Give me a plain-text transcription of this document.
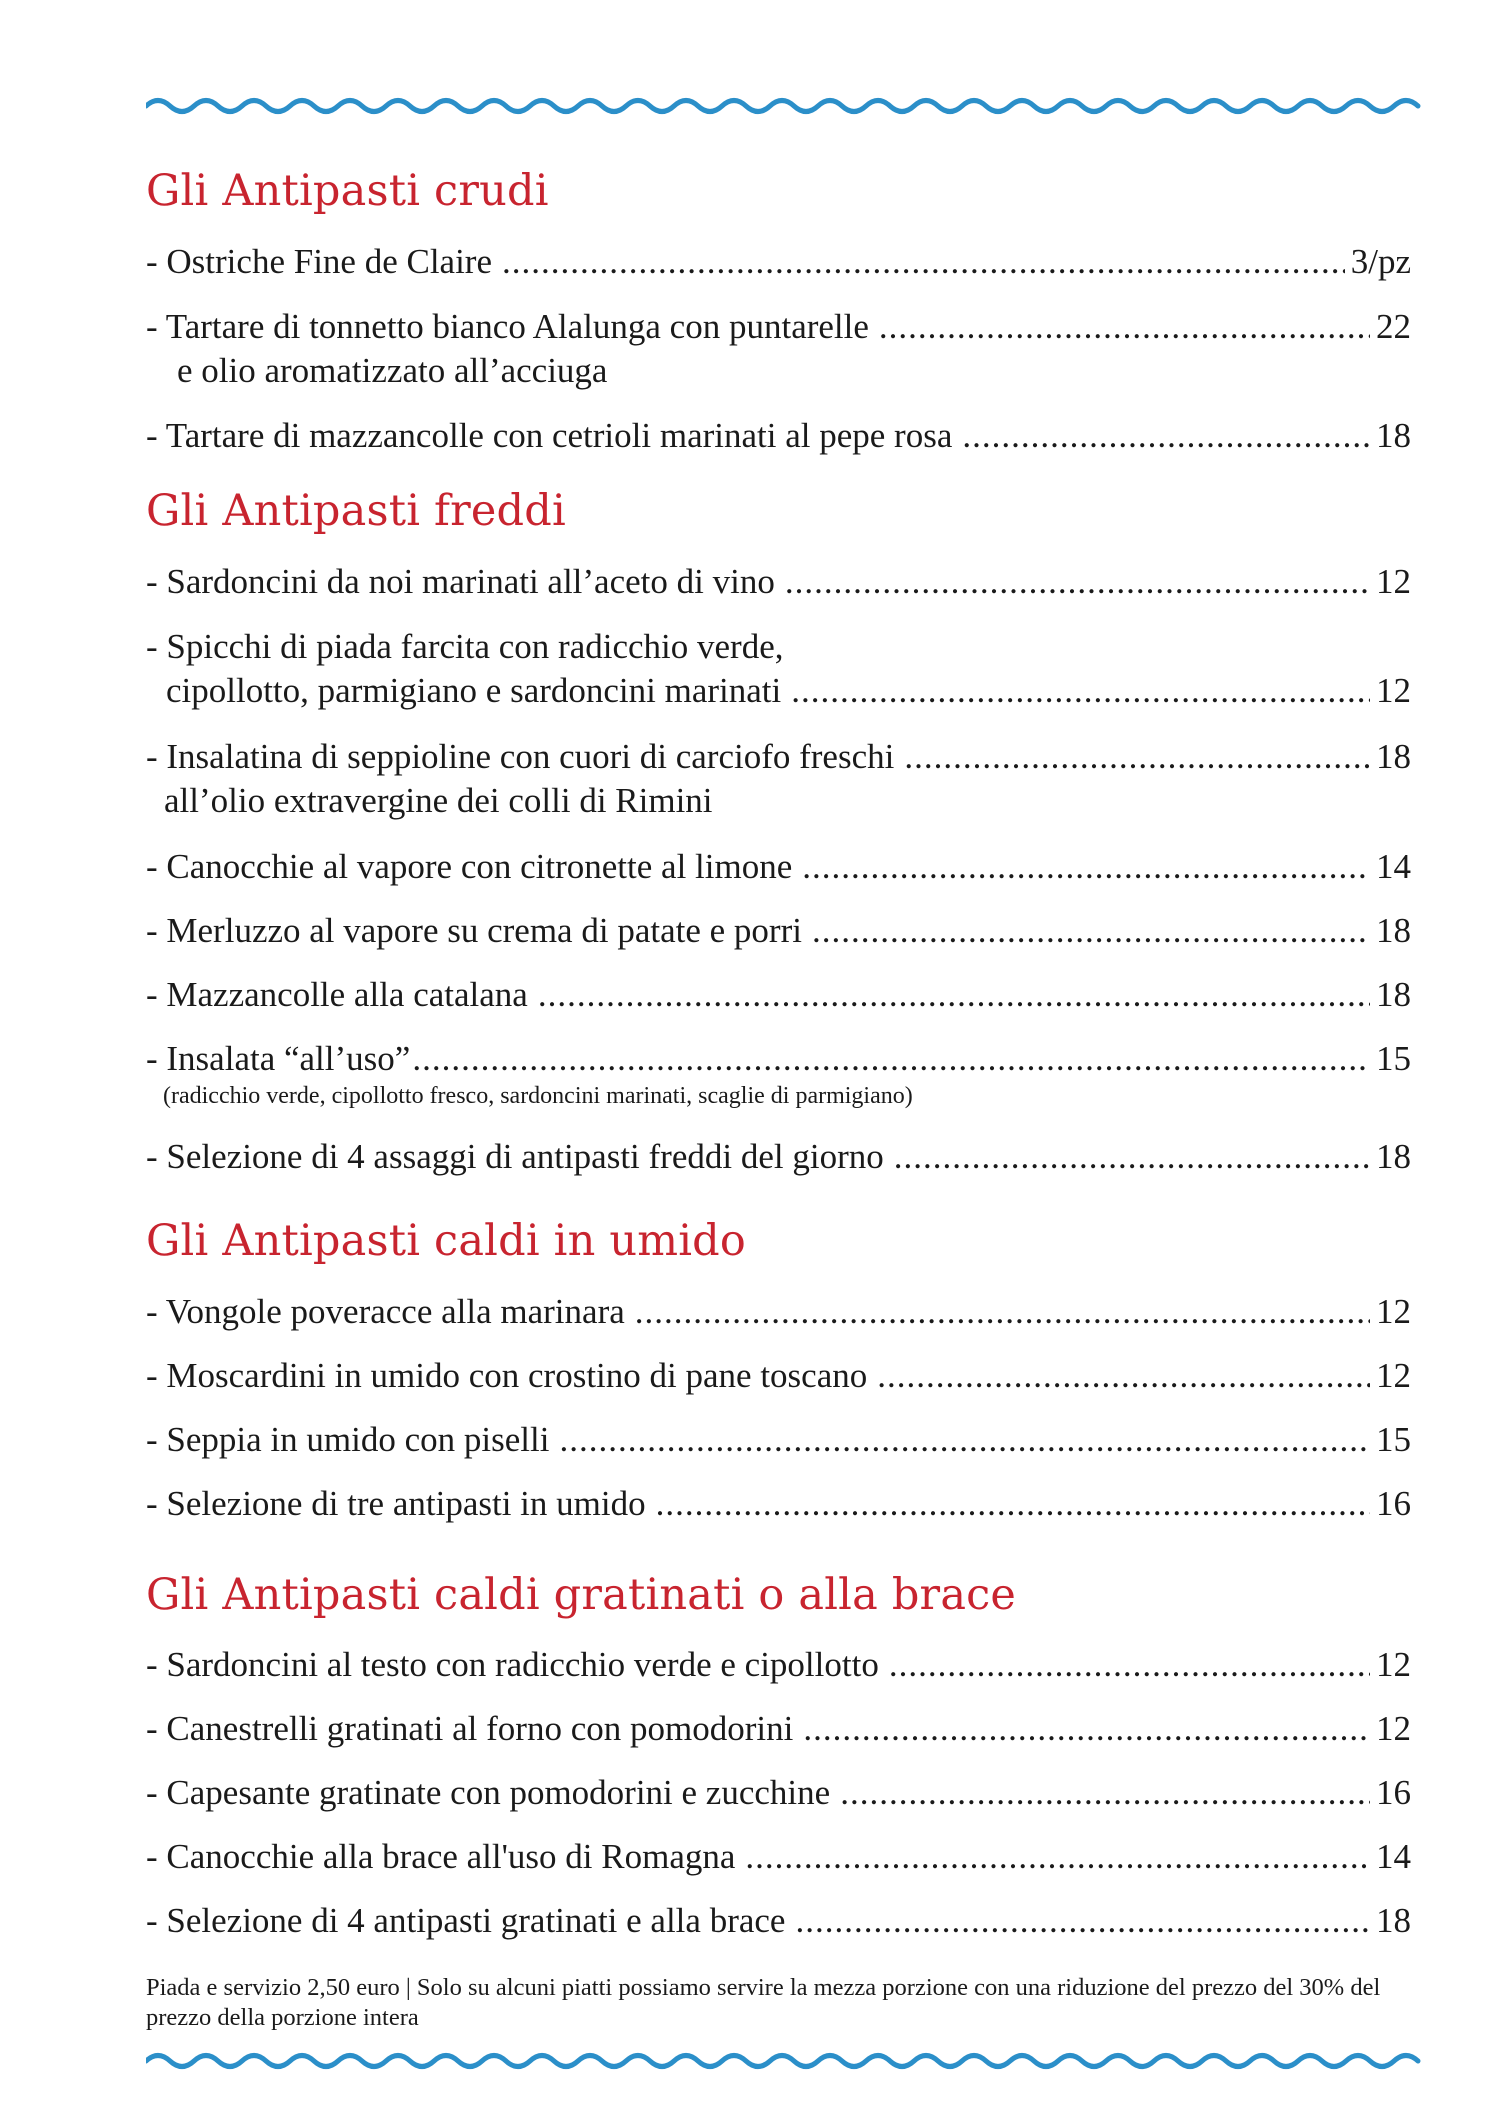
Gli Antipasti crudi
- Ostriche Fine de Claire .....	3/pz
- Tartare di tonnetto bianco Alalunga con puntarelle .....	22
e olio aromatizzato all’acciuga
- Tartare di mazzancolle con cetrioli marinati al pepe rosa .....	18
Gli Antipasti freddi
- Sardoncini da noi marinati all’aceto di vino .....	12
- Spicchi di piada farcita con radicchio verde,
cipollotto, parmigiano e sardoncini marinati .....	12
- Insalatina di seppioline con cuori di carciofo freschi .....	18
all’olio extravergine dei colli di Rimini
- Canocchie al vapore con citronette al limone .....	14
- Merluzzo al vapore su crema di patate e porri .....	18
- Mazzancolle alla catalana .....	18
- Insalata “all’uso” .....	15
(radicchio verde, cipollotto fresco, sardoncini marinati, scaglie di parmigiano)
- Selezione di 4 assaggi di antipasti freddi del giorno .....	18
Gli Antipasti caldi in umido
- Vongole poveracce alla marinara .....	12
- Moscardini in umido con crostino di pane toscano .....	12
- Seppia in umido con piselli .....	15
- Selezione di tre antipasti in umido .....	16
Gli Antipasti caldi gratinati o alla brace
- Sardoncini al testo con radicchio verde e cipollotto .....	12
- Canestrelli gratinati al forno con pomodorini .....	12
- Capesante gratinate con pomodorini e zucchine .....	16
- Canocchie alla brace all'uso di Romagna .....	14
- Selezione di 4 antipasti gratinati e alla brace .....	18
Piada e servizio 2,50 euro | Solo su alcuni piatti possiamo servire la mezza porzione con una riduzione del prezzo del 30% del prezzo della porzione intera
